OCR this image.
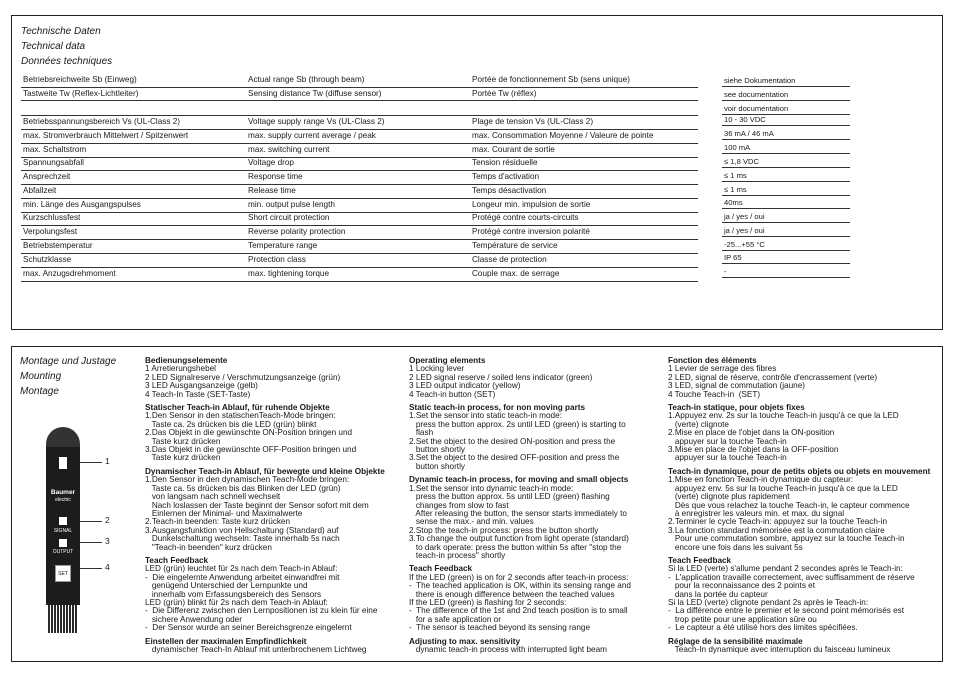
Technische Daten
Technical data
Données techniques
Betriebsreichweite Sb (Einweg)	Actual range Sb (through beam)	Portée de fonctionnement Sb (sens unique)	siehe Dokumentation
Tastweite Tw (Reflex-Lichtleiter)	Sensing distance Tw (diffuse sensor)	Portée Tw (réflex)	see documentation
voir documentation
Betriebsspannungsbereich Vs (UL-Class 2)	Voltage supply range Vs (UL-Class 2)	Plage de tension Vs (UL-Class 2)	10 - 30 VDC
max. Stromverbrauch Mittelwert / Spitzenwert	max. supply current average / peak	max. Consommation Moyenne / Valeure de pointe	36 mA / 46 mA
max. Schaltstrom	max. switching current	max. Courant de sortie	100 mA
Spannungsabfall	Voltage drop	Tension résiduelle	≤ 1,8 VDC
Ansprechzeit	Response time	Temps d'activation	≤ 1 ms
Abfallzeit	Release time	Temps désactivation	≤ 1 ms
min. Länge des Ausgangspulses	min. output pulse length	Longeur min. impulsion de sortie	40ms
Kurzschlussfest	Short circuit protection	Protégé contre courts-circuits	ja / yes / oui
Verpolungsfest	Reverse polarity protection	Protégé contre inversion polarité	ja / yes / oui
Betriebstemperatur	Temperature range	Température de service	-25...+55 °C
Schutzklasse	Protection class	Classe de protection	IP 65
max. Anzugsdrehmoment	max. tightening torque	Couple max. de serrage	-
Montage und Justage
Mounting
Montage
Baumer
electric
SIGNAL
OUTPUT
SET
1
2
3
4

Bedienungselemente

1 Arretierungshebel

2 LED Signalreserve / Verschmutzungsanzeige (grün)

3 LED Ausgangsanzeige (gelb)

4 Teach-In Taste (SET-Taste)

Statischer Teach-in Ablauf, für ruhende Objekte

1.Den Sensor in den statischenTeach-Mode bringen:

Taste ca. 2s drücken bis die LED (grün) blinkt

2.Das Objekt in die gewünschte ON-Position bringen und

Taste kurz drücken

3.Das Objekt in die gewünschte OFF-Position bringen und

Taste kurz drücken

Dynamischer Teach-in Ablauf, für bewegte und kleine Objekte

1.Den Sensor in den dynamischen Teach-Mode bringen:

Taste ca. 5s drücken bis das Blinken der LED (grün)

von langsam nach schnell wechselt

Nach loslassen der Taste beginnt der Sensor sofort mit dem

Einlernen der Minimal- und Maximalwerte

2.Teach-in beenden: Taste kurz drücken

3.Ausgangsfunktion von Hellschaltung (Standard) auf

Dunkelschaltung wechseln: Taste innerhalb 5s nach

"Teach-in beenden" kurz drücken

Teach Feedback

LED (grün) leuchtet für 2s nach dem Teach-in Ablauf:

-  Die eingelernte Anwendung arbeitet einwandfrei mit

genügend Unterschied der Lernpunkte und

innerhalb vom Erfassungsbereich des Sensors

LED (grün) blinkt für 2s nach dem Teach-in Ablauf:

-  Die Differenz zwischen den Lernpositionen ist zu klein für eine

sichere Anwendung oder

-  Der Sensor wurde an seiner Bereichsgrenze eingelernt

Einstellen der maximalen Empfindlichkeit

dynamischer Teach-In Ablauf mit unterbrochenem Lichtweg

Operating elements

1 Locking lever

2 LED signal reserve / soiled lens indicator (green)

3 LED output indicator (yellow)

4 Teach-in button (SET)

Static teach-in process, for non moving parts

1.Set the sensor into static teach-in mode:

press the button approx. 2s until LED (green) is starting to

flash

2.Set the object to the desired ON-position and press the

button shortly

3.Set the object to the desired OFF-position and press the

button shortly

Dynamic teach-in process, for moving and small objects

1.Set the sensor into dynamic teach-in mode:

press the button approx. 5s until LED (green) flashing

changes from slow to fast

After releasing the button, the sensor starts immediately to

sense the max.- and min. values

2.Stop the teach-in process: press the button shortly

3.To change the output function from light operate (standard)

to dark operate: press the button within 5s after "stop the

teach-in process" shortly

Teach Feedback

If the LED (green) is on for 2 seconds after teach-in process:

-  The teached application is OK, within its sensing range and

there is enough difference between the teached values

If the LED (green) is flashing for 2 seconds:

-  The difference of the 1st and 2nd teach position is to small

for a safe application or

-  The sensor is teached beyond its sensing range

Adjusting to max. sensitivity

dynamic teach-in process with interrupted light beam

Fonction des éléments

1 Levier de serrage des fibres

2 LED, signal de réserve, contrôle d'encrassement (verte)

3 LED, signal de commutation (jaune)

4 Touche Teach-in  (SET)

Teach-in statique, pour objets fixes

1.Appuyez env. 2s sur la touche Teach-in jusqu'à ce que la LED

(verte) clignote

2.Mise en place de l'objet dans la ON-position

appuyer sur la touche Teach-in

3.Mise en place de l'objet dans la OFF-position

appuyer sur la touche Teach-in

Teach-in dynamique, pour de petits objets ou objets en mouvement

1.Mise en fonction Teach-in dynamique du capteur:

appuyez env. 5s sur la touche Teach-in jusqu'à ce que la LED

(verte) clignote plus rapidement

Dès que vous relachez la touche Teach-in, le capteur commence

à enregistrer les valeurs min. et max. du signal

2.Terminer le cycle Teach-in: appuyez sur la touche Teach-in

3.La fonction standard mémorisée est la commutation claire

Pour une commutation sombre, appuyez sur la touche Teach-in

encore une fois dans les suivant 5s

Teach Feedback

Si la LED (verte) s'allume pendant 2 secondes après le Teach-in:

-  L'application travaille correctement, avec suffisamment de réserve

pour la reconnaissance des 2 points et

dans la portée du capteur

Si la LED (verte) clignote pendant 2s après le Teach-in:

-  La différence entre le premier et le second point mémorisés est

trop petite pour une application sûre ou

-  Le capteur a été utilisé hors des limites spécifiées.

Réglage de la sensibilité maximale

Teach-In dynamique avec interruption du faisceau lumineux
